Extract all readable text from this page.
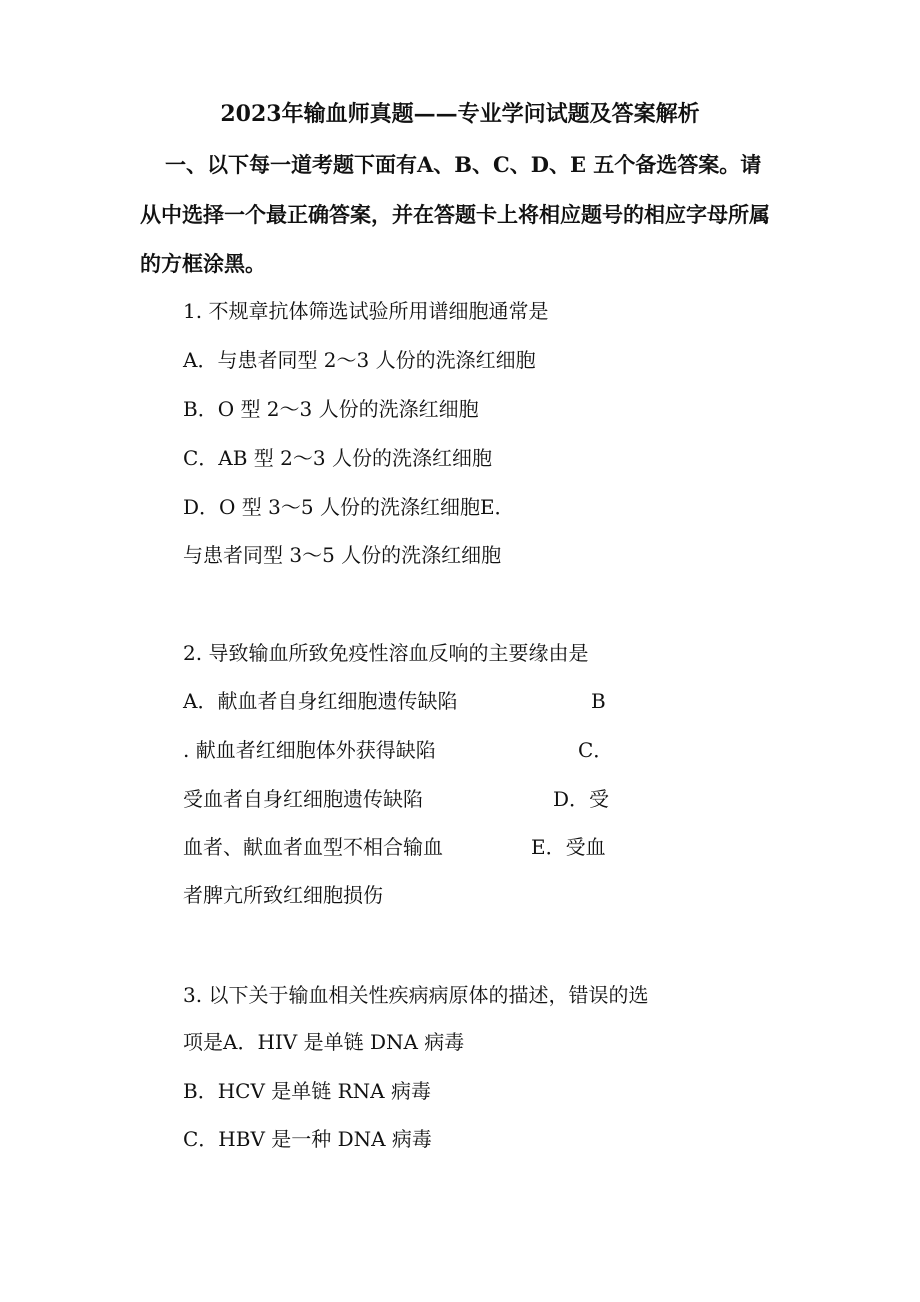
2023年输血师真题——专业学问试题及答案解析
一、以下每一道考题下面有A、B、C、D、E 五个备选答案。请
从中选择一个最正确答案，并在答题卡上将相应题号的相应字母所属
的方框涂黑。
1. 不规章抗体筛选试验所用谱细胞通常是
A．与患者同型 2～3 人份的洗涤红细胞
B．O 型 2～3 人份的洗涤红细胞
C．AB 型 2～3 人份的洗涤红细胞
D．O 型 3～5 人份的洗涤红细胞E．
与患者同型 3～5 人份的洗涤红细胞
2. 导致输血所致免疫性溶血反响的主要缘由是
A．献血者自身红细胞遗传缺陷	B
. 献血者红细胞体外获得缺陷	C．
受血者自身红细胞遗传缺陷	D．受
血者、献血者血型不相合输血	E．受血
者脾亢所致红细胞损伤
3. 以下关于输血相关性疾病病原体的描述，错误的选
项是A．HIV 是单链 DNA 病毒
B．HCV 是单链 RNA 病毒
C．HBV 是一种 DNA 病毒
